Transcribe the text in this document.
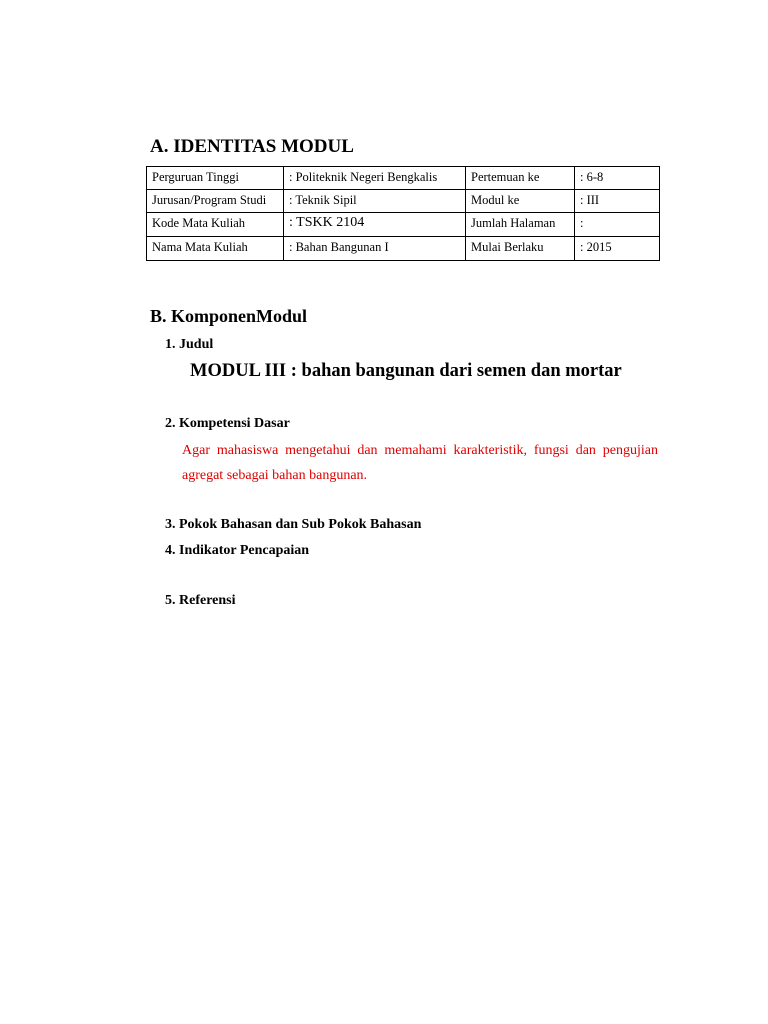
A. IDENTITAS MODUL
Perguruan Tinggi	: Politeknik Negeri Bengkalis	Pertemuan ke	: 6-8
Jurusan/Program Studi	: Teknik Sipil	Modul ke	: III
Kode Mata Kuliah	: TSKK 2104	Jumlah Halaman	:
Nama Mata Kuliah	: Bahan Bangunan I	Mulai Berlaku	: 2015
B. KomponenModul
1. Judul
MODUL III : bahan bangunan dari semen dan mortar
2. Kompetensi Dasar
Agar mahasiswa mengetahui dan memahami karakteristik, fungsi dan pengujian agregat sebagai bahan bangunan.
3. Pokok Bahasan dan Sub Pokok Bahasan
4. Indikator Pencapaian
5. Referensi
